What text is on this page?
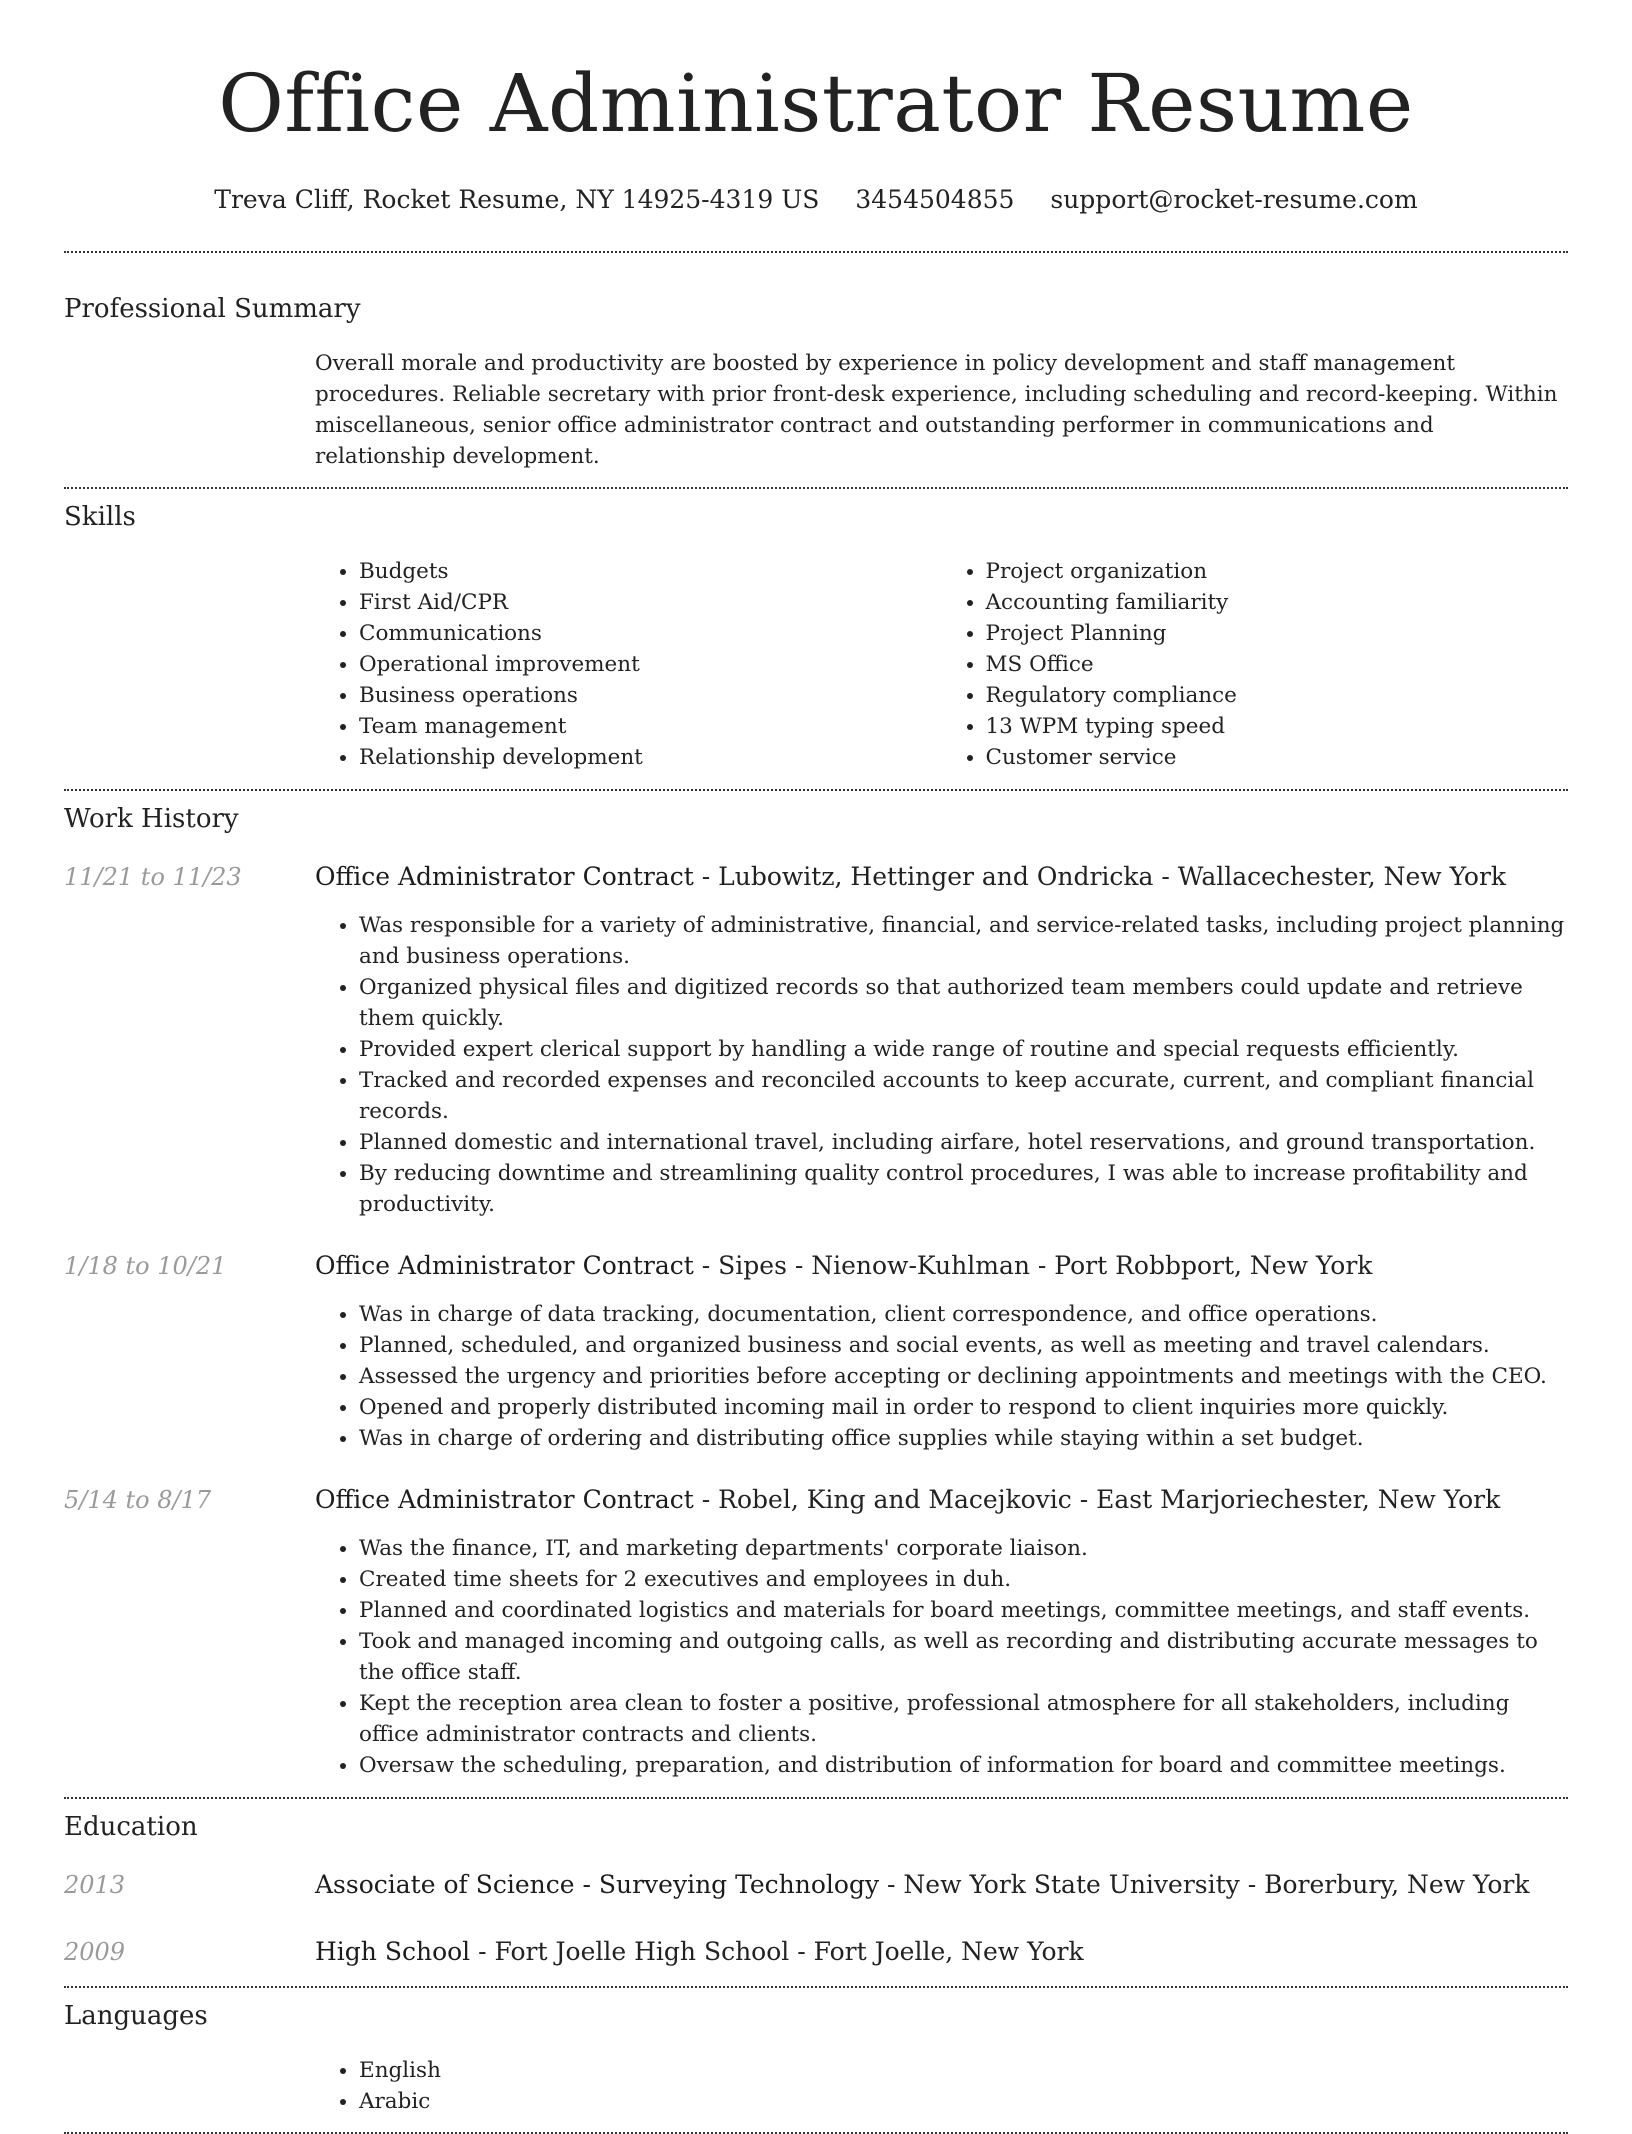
Office Administrator Resume
Treva Cliff, Rocket Resume, NY 14925-4319 US 3454504855 support@rocket-resume.com
Professional Summary
Overall morale and productivity are boosted by experience in policy development and staff management procedures. Reliable secretary with prior front-desk experience, including scheduling and record-keeping. Within miscellaneous, senior office administrator contract and outstanding performer in communications and relationship development.
Skills
• Budgets
• First Aid/CPR
• Communications
• Operational improvement
• Business operations
• Team management
• Relationship development
• Project organization
• Accounting familiarity
• Project Planning
• MS Office
• Regulatory compliance
• 13 WPM typing speed
• Customer service
Work History
11/21 to 11/23	Office Administrator Contract - Lubowitz, Hettinger and Ondricka - Wallacechester, New York
• Was responsible for a variety of administrative, financial, and service-related tasks, including project planning and business operations.
• Organized physical files and digitized records so that authorized team members could update and retrieve them quickly.
• Provided expert clerical support by handling a wide range of routine and special requests efficiently.
• Tracked and recorded expenses and reconciled accounts to keep accurate, current, and compliant financial records.
• Planned domestic and international travel, including airfare, hotel reservations, and ground transportation.
• By reducing downtime and streamlining quality control procedures, I was able to increase profitability and productivity.
1/18 to 10/21	Office Administrator Contract - Sipes - Nienow-Kuhlman - Port Robbport, New York
• Was in charge of data tracking, documentation, client correspondence, and office operations.
• Planned, scheduled, and organized business and social events, as well as meeting and travel calendars.
• Assessed the urgency and priorities before accepting or declining appointments and meetings with the CEO.
• Opened and properly distributed incoming mail in order to respond to client inquiries more quickly.
• Was in charge of ordering and distributing office supplies while staying within a set budget.
5/14 to 8/17	Office Administrator Contract - Robel, King and Macejkovic - East Marjoriechester, New York
• Was the finance, IT, and marketing departments' corporate liaison.
• Created time sheets for 2 executives and employees in duh.
• Planned and coordinated logistics and materials for board meetings, committee meetings, and staff events.
• Took and managed incoming and outgoing calls, as well as recording and distributing accurate messages to the office staff.
• Kept the reception area clean to foster a positive, professional atmosphere for all stakeholders, including office administrator contracts and clients.
• Oversaw the scheduling, preparation, and distribution of information for board and committee meetings.
Education
2013	Associate of Science - Surveying Technology - New York State University - Borerbury, New York
2009	High School - Fort Joelle High School - Fort Joelle, New York
Languages
• English
• Arabic
